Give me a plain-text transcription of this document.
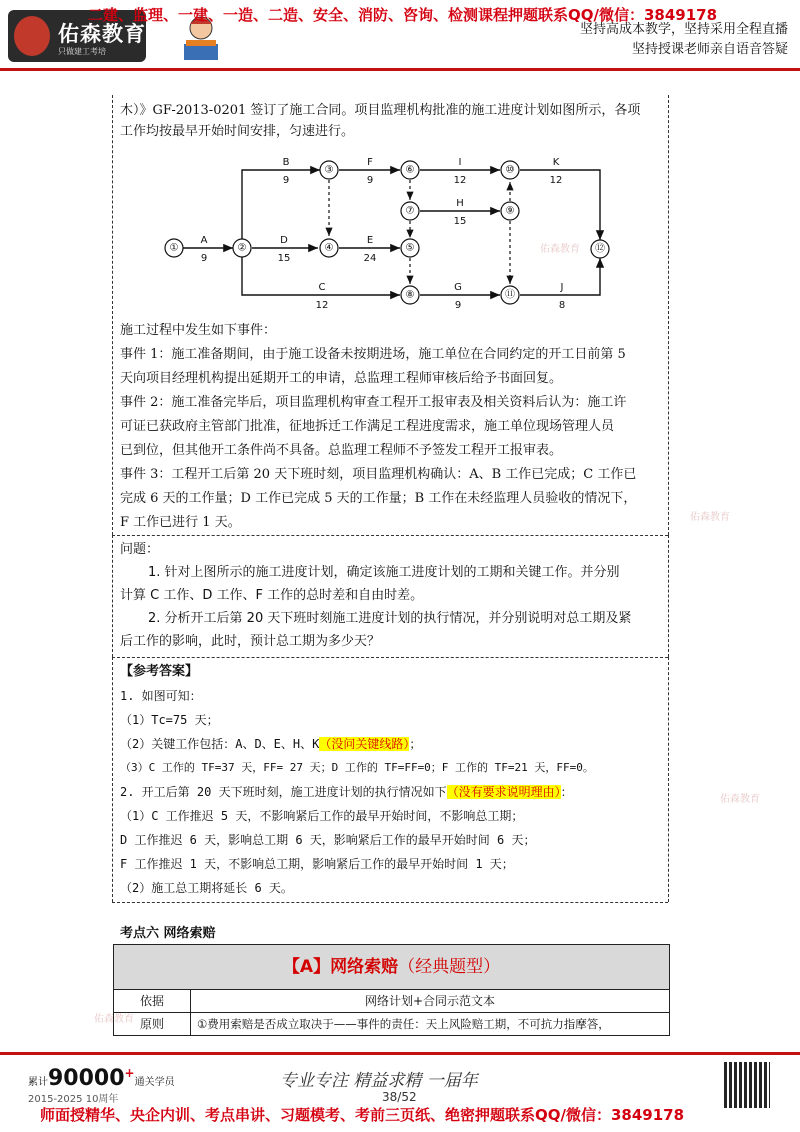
佑森教育
只做建工考培
二建、监理、一建、一造、二造、安全、消防、咨询、检测课程押题联系QQ/微信：3849178
坚持高成本教学，坚持采用全程直播
坚持授课老师亲自语音答疑
佑森教育
佑森教育
佑森教育
佑森教育

木）》GF-2013-0201 签订了施工合同。项目监理机构批准的施工进度计划如图所示，各项

工作均按最早开始时间安排，匀速进行。

①	②
③
④	⑤
⑥
⑦
⑧
⑨
⑩
⑪
⑫
A
9
B
9
C
12
D
15
E
24
F
9
G
9
H
15
I
12
J
8
K
12

施工过程中发生如下事件：

事件 1：施工准备期间，由于施工设备未按期进场，施工单位在合同约定的开工日前第 5

天向项目经理机构提出延期开工的申请，总监理工程师审核后给予书面回复。

事件 2：施工准备完毕后，项目监理机构审查工程开工报审表及相关资料后认为：施工许

可证已获政府主管部门批准，征地拆迁工作满足工程进度需求，施工单位现场管理人员

已到位，但其他开工条件尚不具备。总监理工程师不予签发工程开工报审表。

事件 3：工程开工后第 20 天下班时刻，项目监理机构确认：A、B 工作已完成；C 工作已

完成 6 天的工作量；D 工作已完成 5 天的工作量；B 工作在未经监理人员验收的情况下，

F 工作已进行 1 天。

问题：
1. 针对上图所示的施工进度计划，确定该施工进度计划的工期和关键工作。并分别
计算 C 工作、D 工作、F 工作的总时差和自由时差。
2. 分析开工后第 20 天下班时刻施工进度计划的执行情况，并分别说明对总工期及紧
后工作的影响，此时，预计总工期为多少天？
【参考答案】
1. 如图可知：
（1）Tc=75 天；
（2）关键工作包括：A、D、E、H、K（没问关键线路）；
（3）C 工作的 TF=37 天，FF= 27 天；D 工作的 TF=FF=0；F 工作的 TF=21 天，FF=0。
2. 开工后第 20 天下班时刻，施工进度计划的执行情况如下（没有要求说明理由）：
（1）C 工作推迟 5 天，不影响紧后工作的最早开始时间，不影响总工期；
D 工作推迟 6 天，影响总工期 6 天，影响紧后工作的最早开始时间 6 天；
F 工作推迟 1 天，不影响总工期，影响紧后工作的最早开始时间 1 天；
（2）施工总工期将延长 6 天。
考点六 网络索赔
【A】网络索赔（经典题型）
依据	网络计划+合同示范文本
原则	①费用索赔是否成立取决于——事件的责任：天上风险赔工期，不可抗力指摩答，
累计90000+通关学员
2015-2025 10周年
专业专注 精益求精 一届年
38/52
师面授精华、央企内训、考点串讲、习题模考、考前三页纸、绝密押题联系QQ/微信：3849178
